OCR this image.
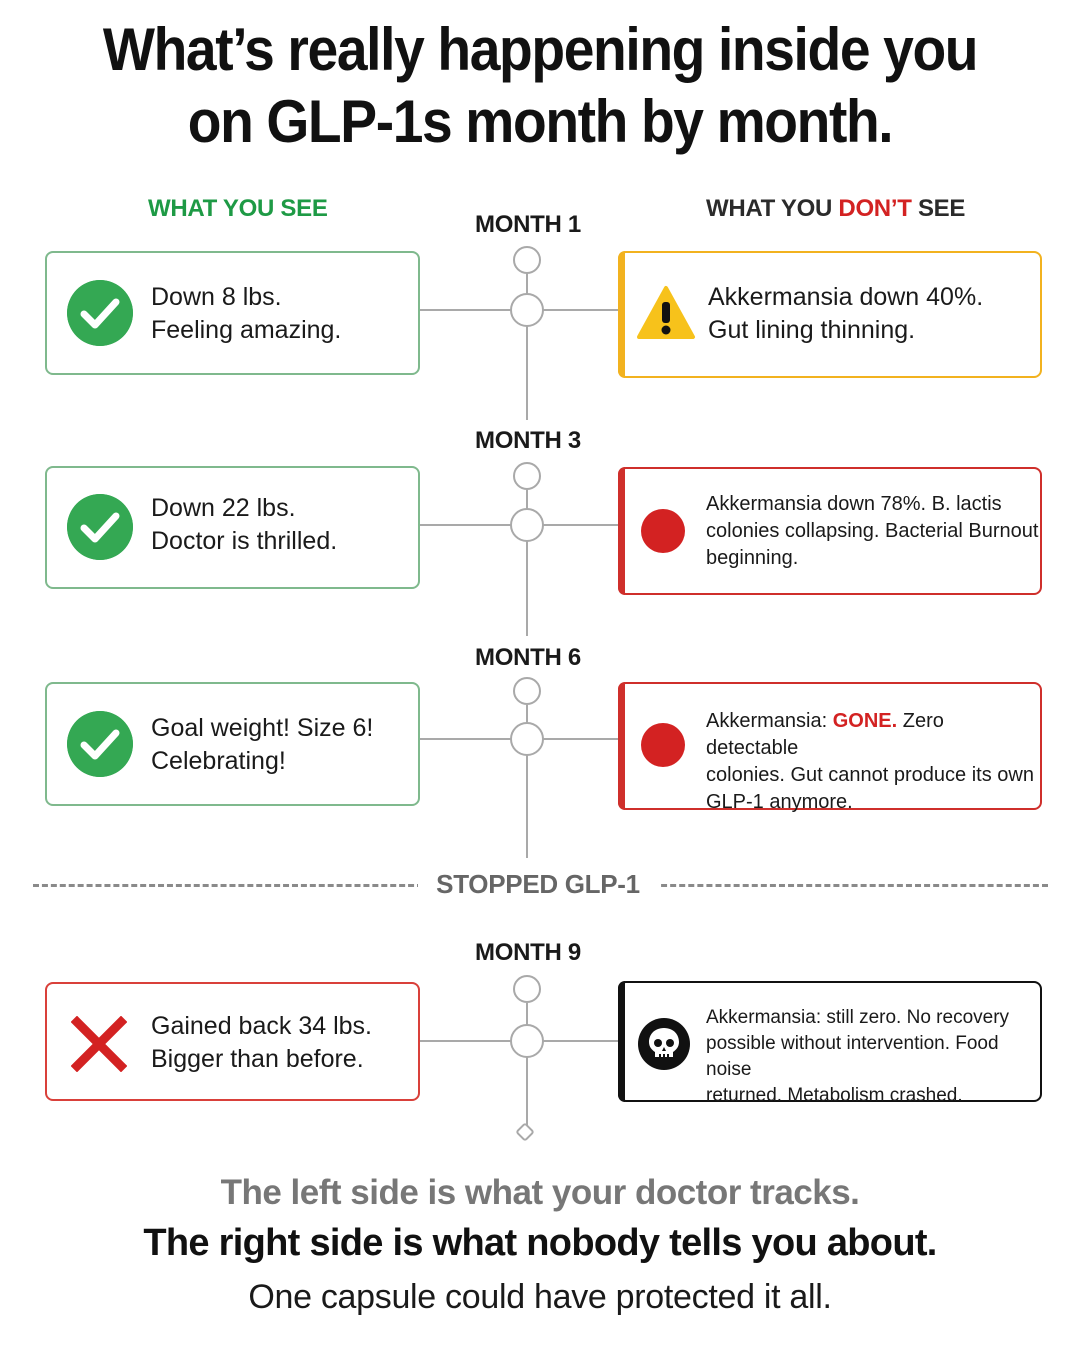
What’s really happening inside you
on GLP-1s month by month.
WHAT YOU SEE	WHAT YOU DON’T SEE
MONTH 1
MONTH 3
MONTH 6
MONTH 9
Down 8 lbs.
Feeling amazing.
Akkermansia down 40%.
Gut lining thinning.
Down 22 lbs.
Doctor is thrilled.
Akkermansia down 78%. B. lactis
colonies collapsing. Bacterial Burnout
beginning.
Goal weight! Size 6!
Celebrating!
Akkermansia: GONE. Zero detectable
colonies. Gut cannot produce its own
GLP-1 anymore.
STOPPED GLP-1
Gained back 34 lbs.
Bigger than before.
Akkermansia: still zero. No recovery
possible without intervention. Food noise
returned. Metabolism crashed.
The left side is what your doctor tracks.
The right side is what nobody tells you about.
One capsule could have protected it all.
